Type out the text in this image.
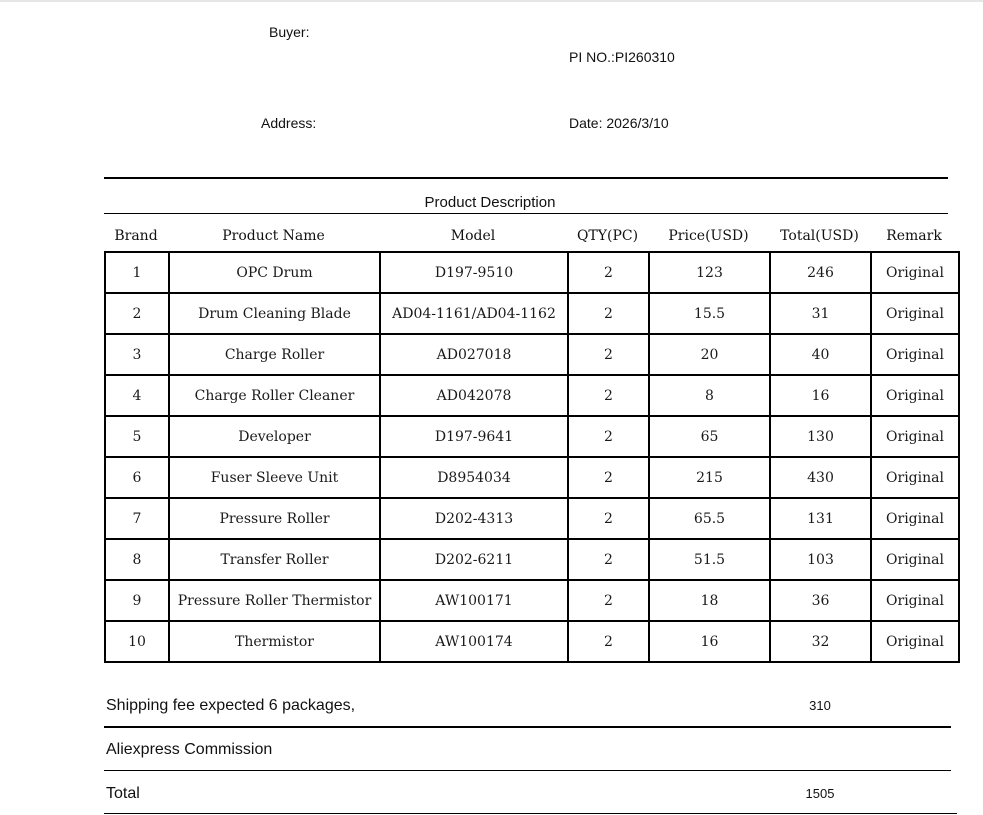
Buyer:
PI NO.:PI260310
Address:	Date: 2026/3/10
Product Description
Brand	Product Name	Model	QTY(PC)	Price(USD)	Total(USD)	Remark
1	OPC Drum	D197-9510	2	123	246	Original
2	Drum Cleaning Blade	AD04-1161/AD04-1162	2	15.5	31	Original
3	Charge Roller	AD027018	2	20	40	Original
4	Charge Roller Cleaner	AD042078	2	8	16	Original
5	Developer	D197-9641	2	65	130	Original
6	Fuser Sleeve Unit	D8954034	2	215	430	Original
7	Pressure Roller	D202-4313	2	65.5	131	Original
8	Transfer Roller	D202-6211	2	51.5	103	Original
9	Pressure Roller Thermistor	AW100171	2	18	36	Original
10	Thermistor	AW100174	2	16	32	Original
Shipping fee expected 6 packages,	310
Aliexpress Commission
Total	1505
